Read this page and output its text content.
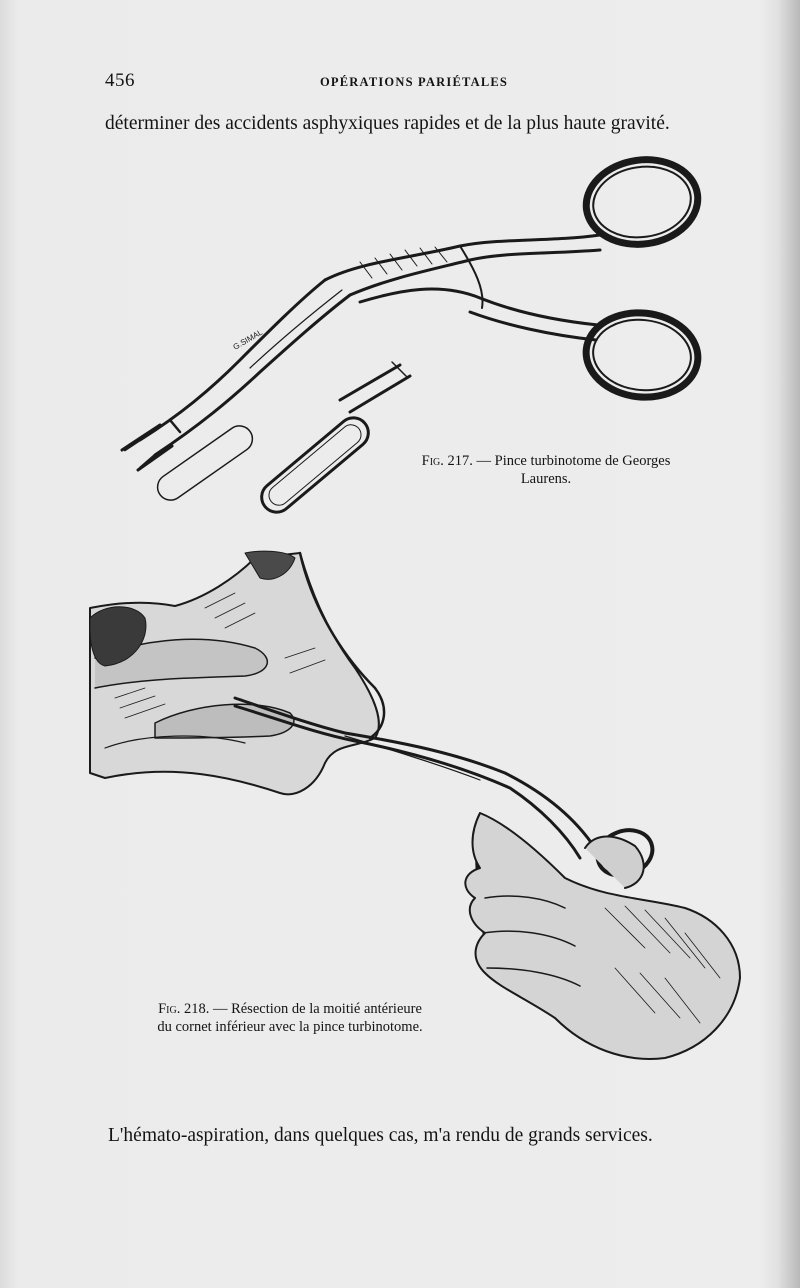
456	OPÉRATIONS PARIÉTALES
déterminer des accidents asphyxiques rapides et de la plus haute gravité.
G.SIMAL
Fig. 217. — Pince turbinotome de Georges
Laurens.
Fig. 218. — Résection de la moitié antérieure
du cornet inférieur avec la pince turbinotome.
L'hémato-aspiration, dans quelques cas, m'a rendu de grands services.
